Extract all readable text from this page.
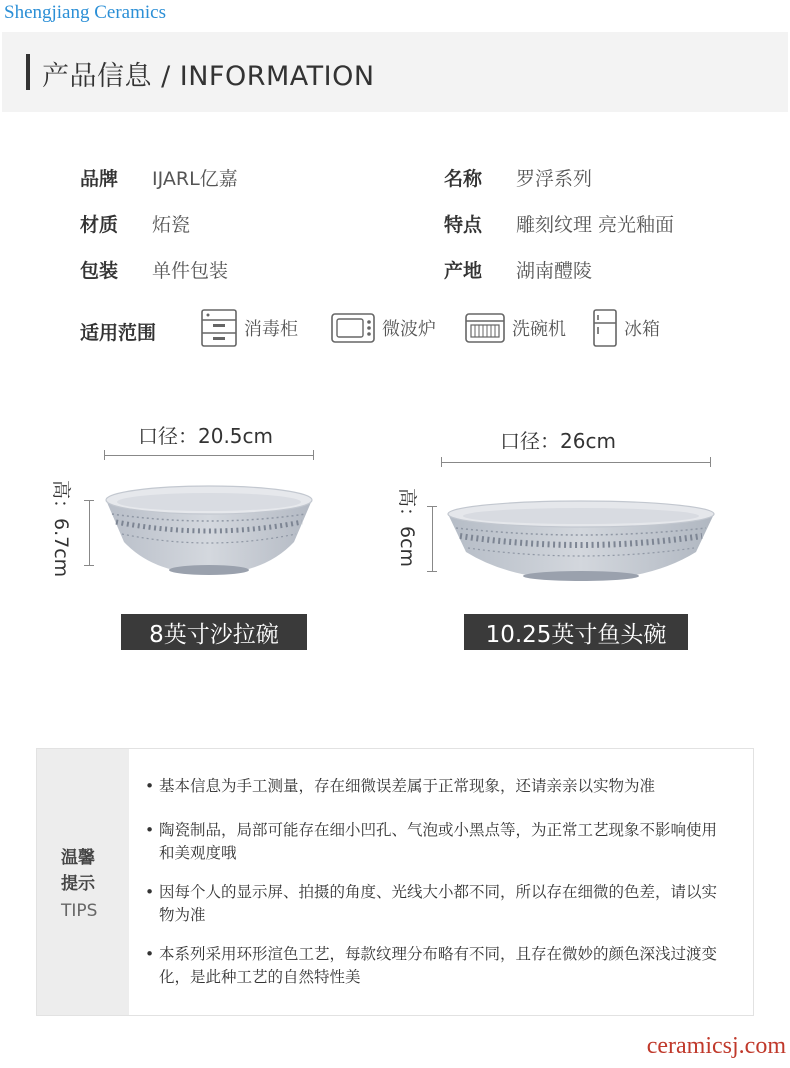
Shengjiang Ceramics
产品信息 / INFORMATION
品牌	IJARL亿嘉	名称	罗浮系列
材质	炻瓷	特点	雕刻纹理 亮光釉面
包装	单件包装	产地	湖南醴陵
适用范围	消毒柜	微波炉	洗碗机	冰箱
口径：20.5cm
高：6.7cm
8英寸沙拉碗
口径：26cm
高：6cm
10.25英寸鱼头碗
温馨提示
TIPS
• 基本信息为手工测量，存在细微误差属于正常现象，还请亲亲以实物为准
• 陶瓷制品，局部可能存在细小凹孔、气泡或小黑点等，为正常工艺现象不影响使用和美观度哦
• 因每个人的显示屏、拍摄的角度、光线大小都不同，所以存在细微的色差，请以实物为准
• 本系列采用环形渲色工艺，每款纹理分布略有不同，且存在微妙的颜色深浅过渡变化，是此种工艺的自然特性美
ceramicsj.com
